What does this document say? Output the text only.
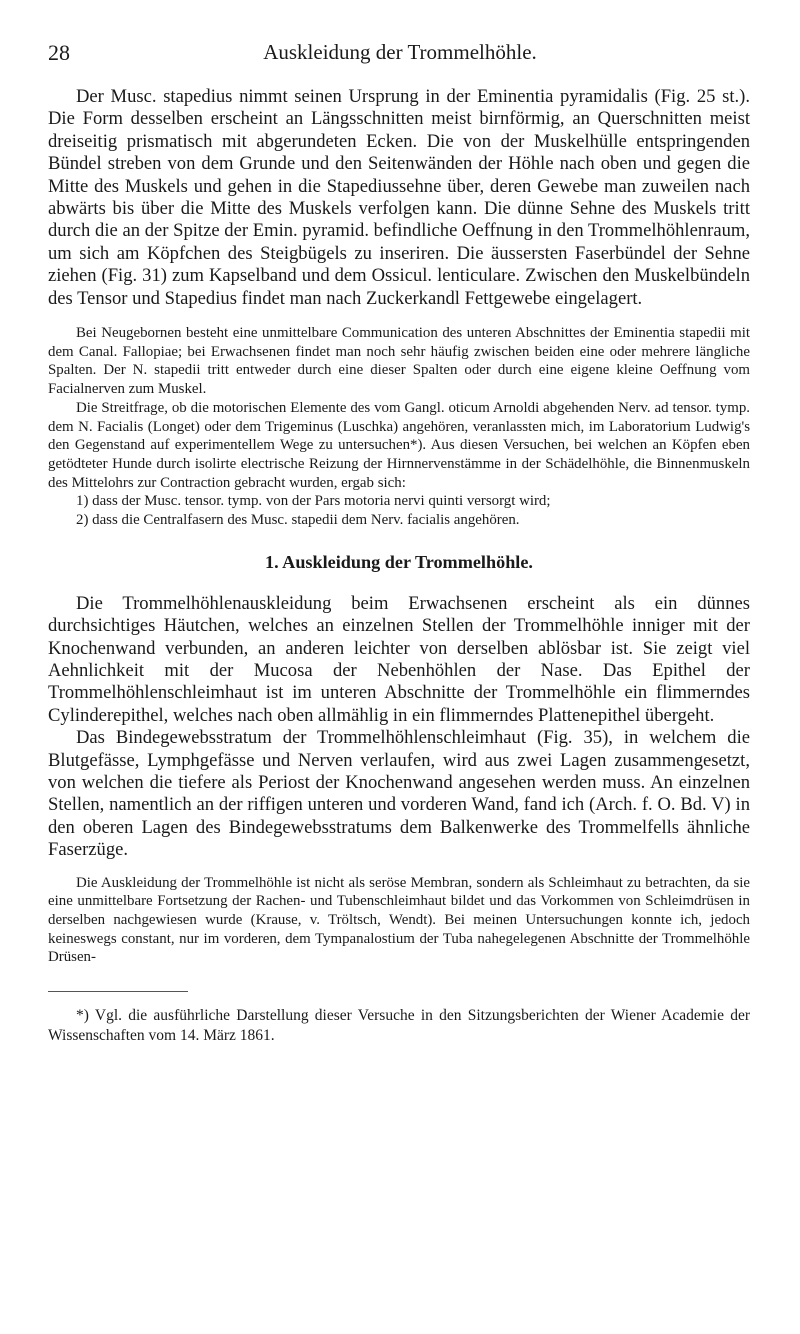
28	Auskleidung der Trommelhöhle.

Der Musc. stapedius nimmt seinen Ursprung in der Eminentia pyramidalis (Fig. 25 st.). Die Form desselben erscheint an Längsschnitten meist birnförmig, an Querschnitten meist dreiseitig prismatisch mit abgerundeten Ecken. Die von der Muskelhülle entspringenden Bündel streben von dem Grunde und den Seitenwänden der Höhle nach oben und gegen die Mitte des Muskels und gehen in die Stapediussehne über, deren Gewebe man zuweilen nach abwärts bis über die Mitte des Muskels verfolgen kann. Die dünne Sehne des Muskels tritt durch die an der Spitze der Emin. pyramid. befindliche Oeffnung in den Trommelhöhlenraum, um sich am Köpfchen des Steigbügels zu inseriren. Die äussersten Faserbündel der Sehne ziehen (Fig. 31) zum Kapselband und dem Ossicul. lenticulare. Zwischen den Muskelbündeln des Tensor und Stapedius findet man nach Zuckerkandl Fettgewebe eingelagert.

Bei Neugebornen besteht eine unmittelbare Communication des unteren Abschnittes der Eminentia stapedii mit dem Canal. Fallopiae; bei Erwachsenen findet man noch sehr häufig zwischen beiden eine oder mehrere längliche Spalten. Der N. stapedii tritt entweder durch eine dieser Spalten oder durch eine eigene kleine Oeffnung vom Facialnerven zum Muskel.

Die Streitfrage, ob die motorischen Elemente des vom Gangl. oticum Arnoldi abgehenden Nerv. ad tensor. tymp. dem N. Facialis (Longet) oder dem Trigeminus (Luschka) angehören, veranlassten mich, im Laboratorium Ludwig's den Gegenstand auf experimentellem Wege zu untersuchen*). Aus diesen Versuchen, bei welchen an Köpfen eben getödteter Hunde durch isolirte electrische Reizung der Hirnnervenstämme in der Schädelhöhle, die Binnenmuskeln des Mittelohrs zur Contraction gebracht wurden, ergab sich:

1) dass der Musc. tensor. tymp. von der Pars motoria nervi quinti versorgt wird;

2) dass die Centralfasern des Musc. stapedii dem Nerv. facialis angehören.

1. Auskleidung der Trommelhöhle.

Die Trommelhöhlenauskleidung beim Erwachsenen erscheint als ein dünnes durchsichtiges Häutchen, welches an einzelnen Stellen der Trommelhöhle inniger mit der Knochenwand verbunden, an anderen leichter von derselben ablösbar ist. Sie zeigt viel Aehnlichkeit mit der Mucosa der Nebenhöhlen der Nase. Das Epithel der Trommelhöhlenschleimhaut ist im unteren Abschnitte der Trommelhöhle ein flimmerndes Cylinderepithel, welches nach oben allmählig in ein flimmerndes Plattenepithel übergeht.

Das Bindegewebsstratum der Trommelhöhlenschleimhaut (Fig. 35), in welchem die Blutgefässe, Lymphgefässe und Nerven verlaufen, wird aus zwei Lagen zusammengesetzt, von welchen die tiefere als Periost der Knochenwand angesehen werden muss. An einzelnen Stellen, namentlich an der riffigen unteren und vorderen Wand, fand ich (Arch. f. O. Bd. V) in den oberen Lagen des Bindegewebsstratums dem Balkenwerke des Trommelfells ähnliche Faserzüge.

Die Auskleidung der Trommelhöhle ist nicht als seröse Membran, sondern als Schleimhaut zu betrachten, da sie eine unmittelbare Fortsetzung der Rachen- und Tubenschleimhaut bildet und das Vorkommen von Schleimdrüsen in derselben nachgewiesen wurde (Krause, v. Tröltsch, Wendt). Bei meinen Untersuchungen konnte ich, jedoch keineswegs constant, nur im vorderen, dem Tympanalostium der Tuba nahegelegenen Abschnitte der Trommelhöhle Drüsen-

*) Vgl. die ausführliche Darstellung dieser Versuche in den Sitzungsberichten der Wiener Academie der Wissenschaften vom 14. März 1861.
